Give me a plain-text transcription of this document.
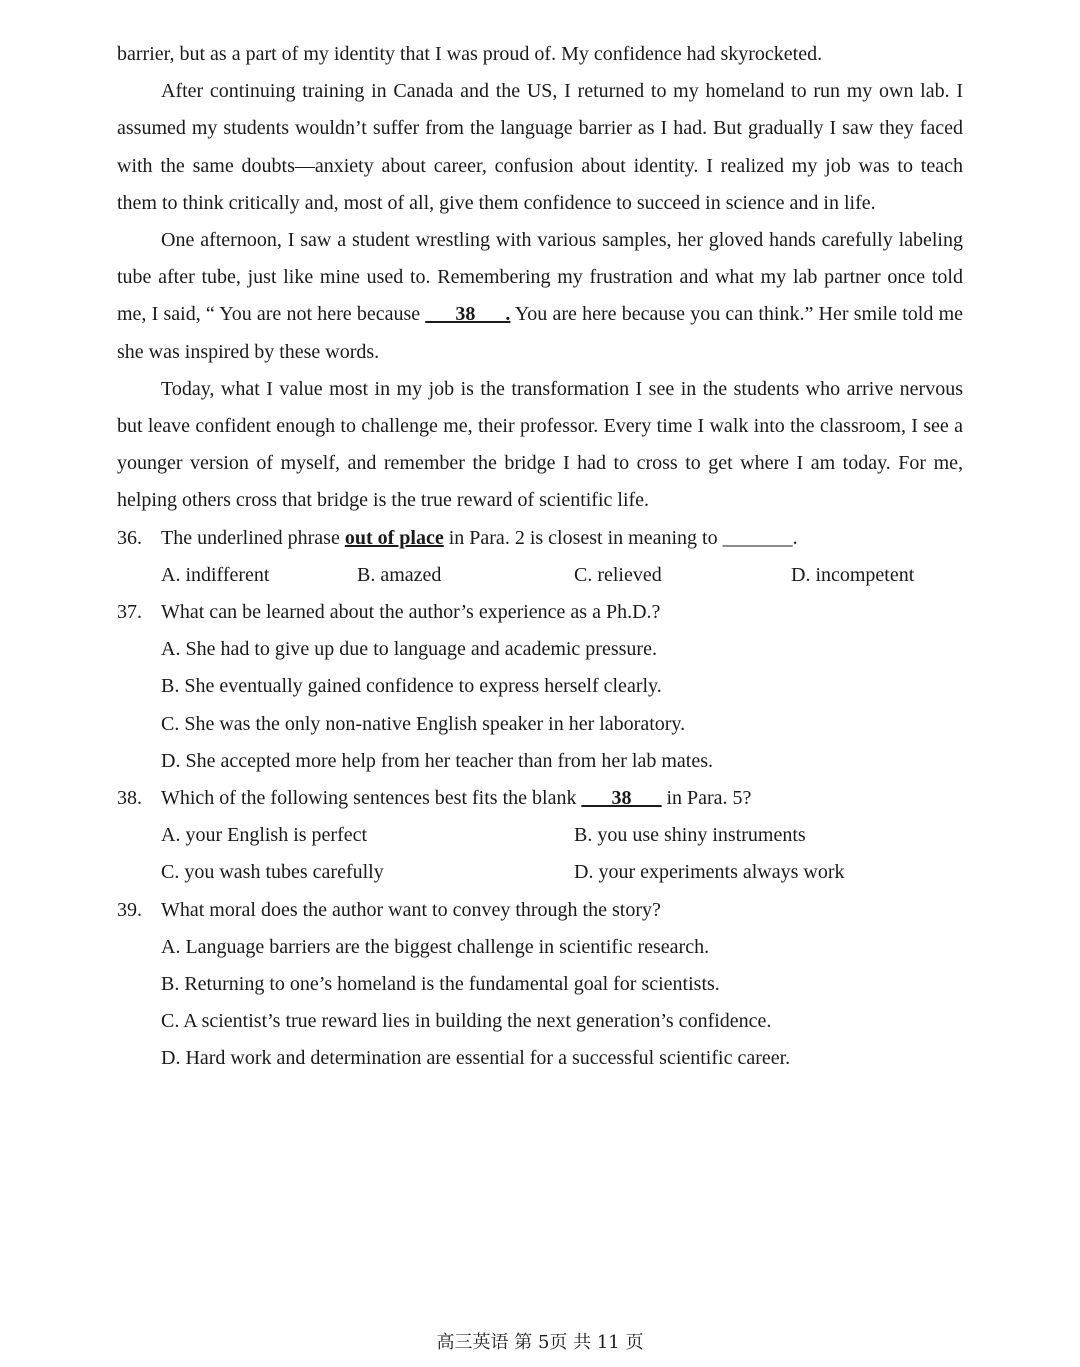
barrier, but as a part of my identity that I was proud of. My confidence had skyrocketed.

After continuing training in Canada and the US, I returned to my homeland to run my own lab. I assumed my students wouldn’t suffer from the language barrier as I had. But gradually I saw they faced with the same doubts—anxiety about career, confusion about identity. I realized my job was to teach them to think critically and, most of all, give them confidence to succeed in science and in life.

One afternoon, I saw a student wrestling with various samples, her gloved hands carefully labeling tube after tube, just like mine used to. Remembering my frustration and what my lab partner once told me, I said, “ You are not here because ___38___. You are here because you can think.” Her smile told me she was inspired by these words.

Today, what I value most in my job is the transformation I see in the students who arrive nervous but leave confident enough to challenge me, their professor. Every time I walk into the classroom, I see a younger version of myself, and remember the bridge I had to cross to get where I am today. For me, helping others cross that bridge is the true reward of scientific life.

36. The underlined phrase out of place in Para. 2 is closest in meaning to _______.

A. indifferent	B. amazed	C. relieved	D. incompetent

37. What can be learned about the author’s experience as a Ph.D.?

A. She had to give up due to language and academic pressure.

B. She eventually gained confidence to express herself clearly.

C. She was the only non-native English speaker in her laboratory.

D. She accepted more help from her teacher than from her lab mates.

38. Which of the following sentences best fits the blank ___38___ in Para. 5?

A. your English is perfect	B. you use shiny instruments
C. you wash tubes carefully	D. your experiments always work

39. What moral does the author want to convey through the story?

A. Language barriers are the biggest challenge in scientific research.

B. Returning to one’s homeland is the fundamental goal for scientists.

C. A scientist’s true reward lies in building the next generation’s confidence.

D. Hard work and determination are essential for a successful scientific career.

高三英语 第 5页 共 11 页
